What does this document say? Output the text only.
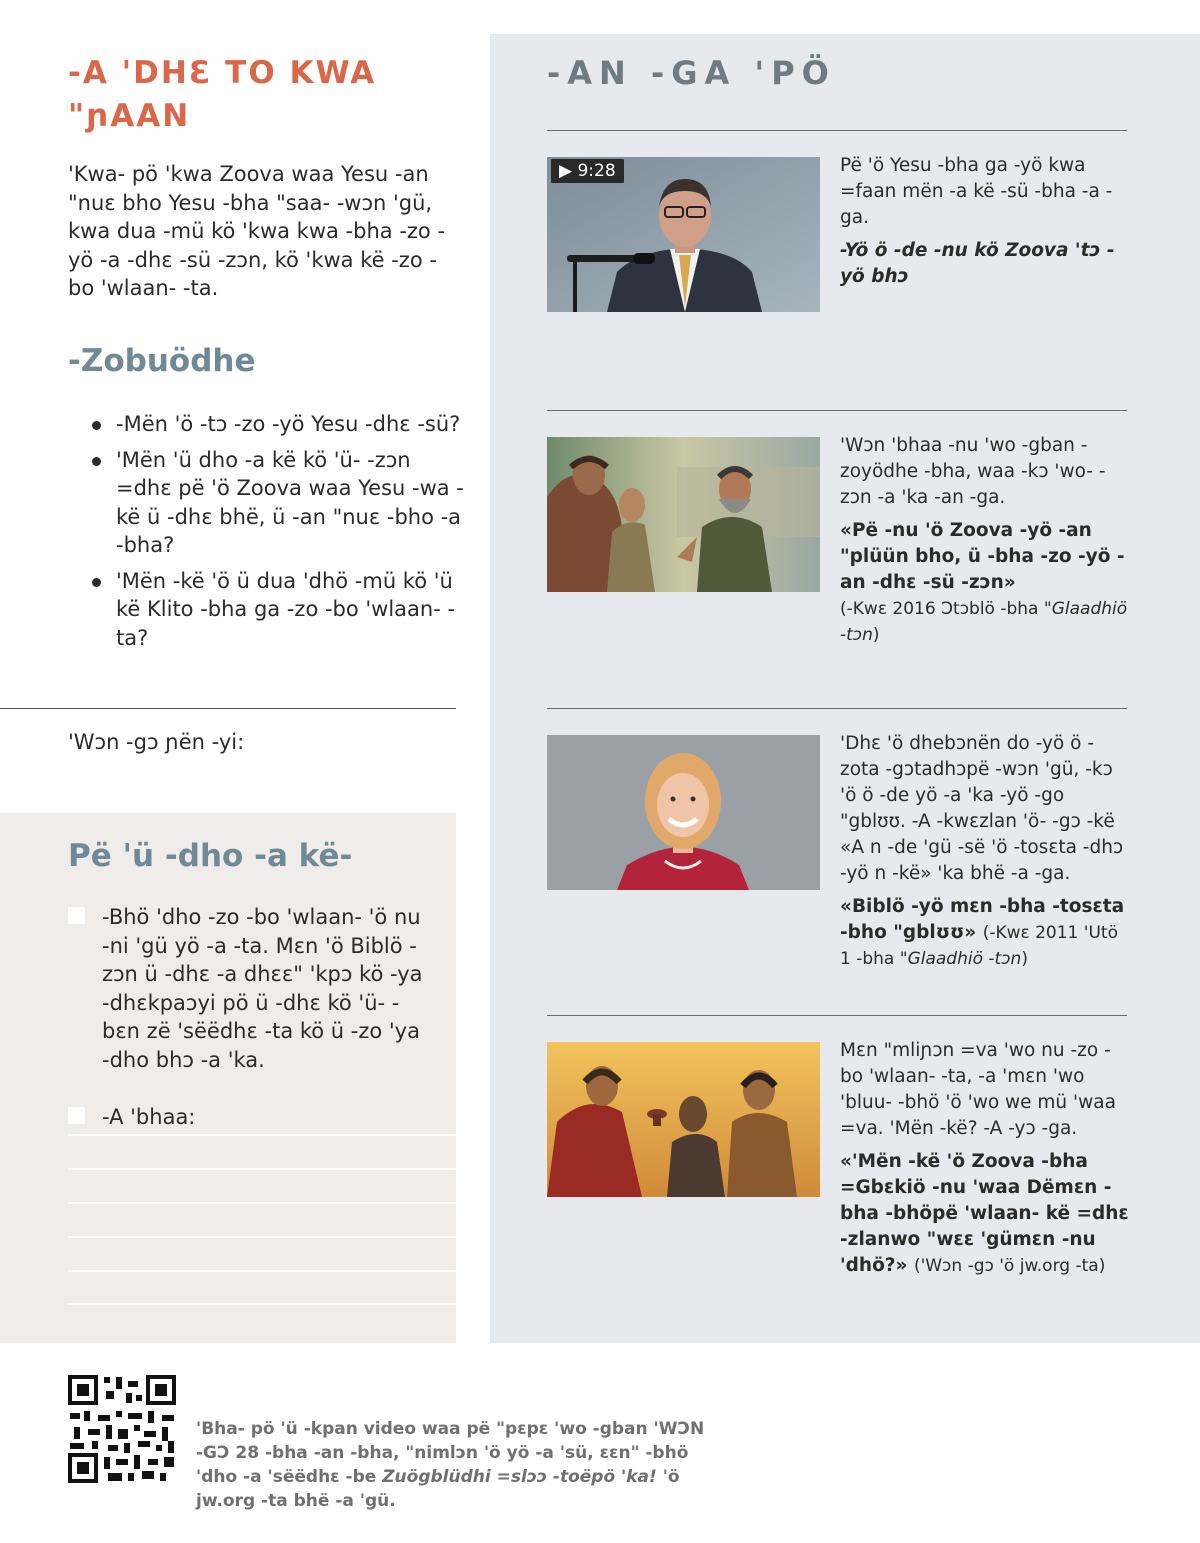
-A 'DHƐ TO KWA "ɲAAN

'Kwa- pö 'kwa Zoova waa Yesu -an "nuɛ bho Yesu -bha "saa- -wɔn 'gü, kwa dua -mü kö 'kwa kwa -bha -zo -yö -a -dhɛ -sü -zɔn, kö 'kwa kë -zo -bo 'wlaan- -ta.

-Zobuödhe
-Mën 'ö -tɔ -zo -yö Yesu -dhɛ -sü?
'Mën 'ü dho -a kë kö 'ü- -zɔn =dhɛ pë 'ö Zoova waa Yesu -wa -kë ü -dhɛ bhë, ü -an "nuɛ -bho -a -bha?
'Mën -kë 'ö ü dua 'dhö -mü kö 'ü kë Klito -bha ga -zo -bo 'wlaan- -ta?

'Wɔn -gɔ ɲën -yi:

Pë 'ü -dho -a kë-
-Bhö 'dho -zo -bo 'wlaan- 'ö nu -ni 'gü yö -a -ta. Mɛn 'ö Biblö -zɔn ü -dhɛ -a dhɛɛ" 'kpɔ kö -ya -dhɛkpaɔyi pö ü -dhɛ kö 'ü- -bɛn zë 'sëëdhɛ -ta kö ü -zo 'ya -dho bhɔ -a 'ka.
-A 'bhaa:
-AN -GA 'PÖ
▶ 9:28	Pë 'ö Yesu -bha ga -yö kwa =faan mën -a kë -sü -bha -a -ga.

-Yö ö -de -nu kö Zoova 'tɔ -yö bhɔ

'Wɔn 'bhaa -nu 'wo -gban -zoyödhe -bha, waa -kɔ 'wo- -zɔn -a 'ka -an -ga.

«Pë -nu 'ö Zoova -yö -an "plüün bho, ü -bha -zo -yö -an -dhɛ -sü -zɔn»

(-Kwɛ 2016 Ɔtɔblö -bha "Glaadhiö -tɔn)

'Dhɛ 'ö dhebɔnën do -yö ö -zota -gɔtadhɔpë -wɔn 'gü, -kɔ 'ö ö -de yö -a 'ka -yö -go "gblʊʊ. -A -kwɛzlan 'ö- -gɔ -kë «A n -de 'gü -së 'ö -tosɛta -dhɔ -yö n -kë» 'ka bhë -a -ga.

«Biblö -yö mɛn -bha -tosɛta -bho "gblʊʊ» (-Kwɛ 2011 'Utö 1 -bha "Glaadhiö -tɔn)

Mɛn "mliɲɔn =va 'wo nu -zo -bo 'wlaan- -ta, -a 'mɛn 'wo 'bluu- -bhö 'ö 'wo we mü 'waa =va. 'Mën -kë? -A -yɔ -ga.

«'Mën -kë 'ö Zoova -bha =Gbɛkiö -nu 'waa Dëmɛn -bha -bhöpë 'wlaan- kë =dhɛ -zlanwo "wɛɛ 'gümɛn -nu 'dhö?» ('Wɔn -gɔ 'ö jw.org -ta)

'Bha- pö 'ü -kpan video waa pë "pɛpɛ 'wo -gban 'WƆN -GƆ 28 -bha -an -bha, "nimlɔn 'ö yö -a 'sü, ɛɛn" -bhö 'dho -a 'sëëdhɛ -be Zuögblüdhi =slɔɔ -toëpö 'ka! 'ö jw.org -ta bhë -a 'gü.
